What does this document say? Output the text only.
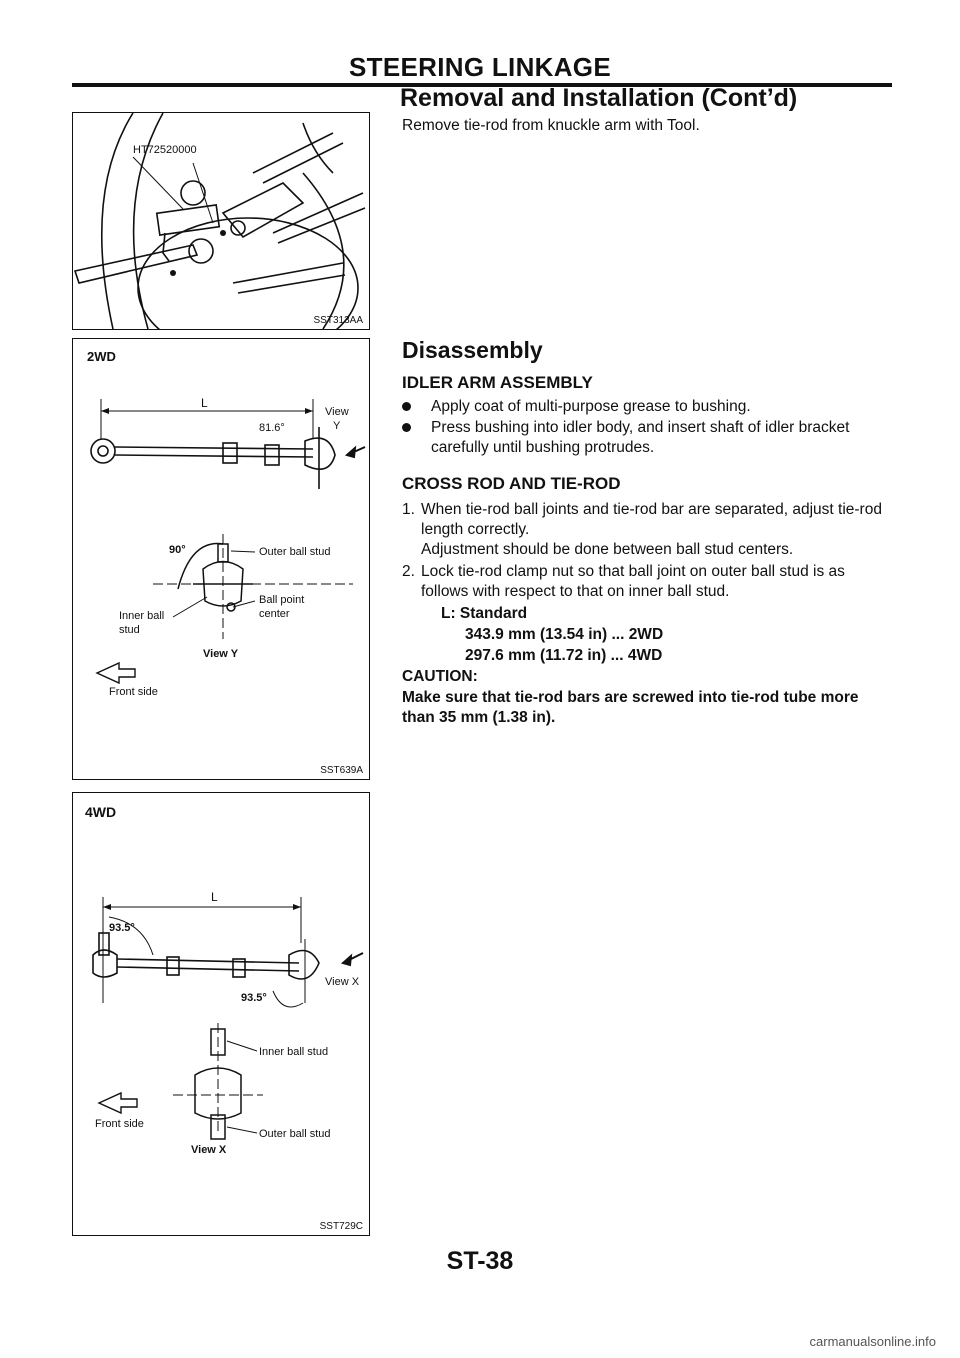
STEERING LINKAGE
Removal and Installation (Cont’d)
HT72520000
SST313AA
2WD
L
81.6°
View
Y
90°	Outer ball stud
Ball point
center
Inner ball
stud
View Y
Front side
SST639A
4WD
L
93.5°
93.5°
View X
Inner ball stud
Outer ball stud
Front side
View X
SST729C
Remove tie-rod from knuckle arm with Tool.
Disassembly
IDLER ARM ASSEMBLY
Apply coat of multi-purpose grease to bushing.
Press bushing into idler body, and insert shaft of idler bracket carefully until bushing protrudes.
CROSS ROD AND TIE-ROD
1. When tie-rod ball joints and tie-rod bar are separated, adjust tie-rod length correctly.
Adjustment should be done between ball stud centers.
2. Lock tie-rod clamp nut so that ball joint on outer ball stud is as follows with respect to that on inner ball stud.
L: Standard
343.9 mm (13.54 in) ... 2WD
297.6 mm (11.72 in) ... 4WD
CAUTION:
Make sure that tie-rod bars are screwed into tie-rod tube more than 35 mm (1.38 in).
ST-38
carmanualsonline.info
